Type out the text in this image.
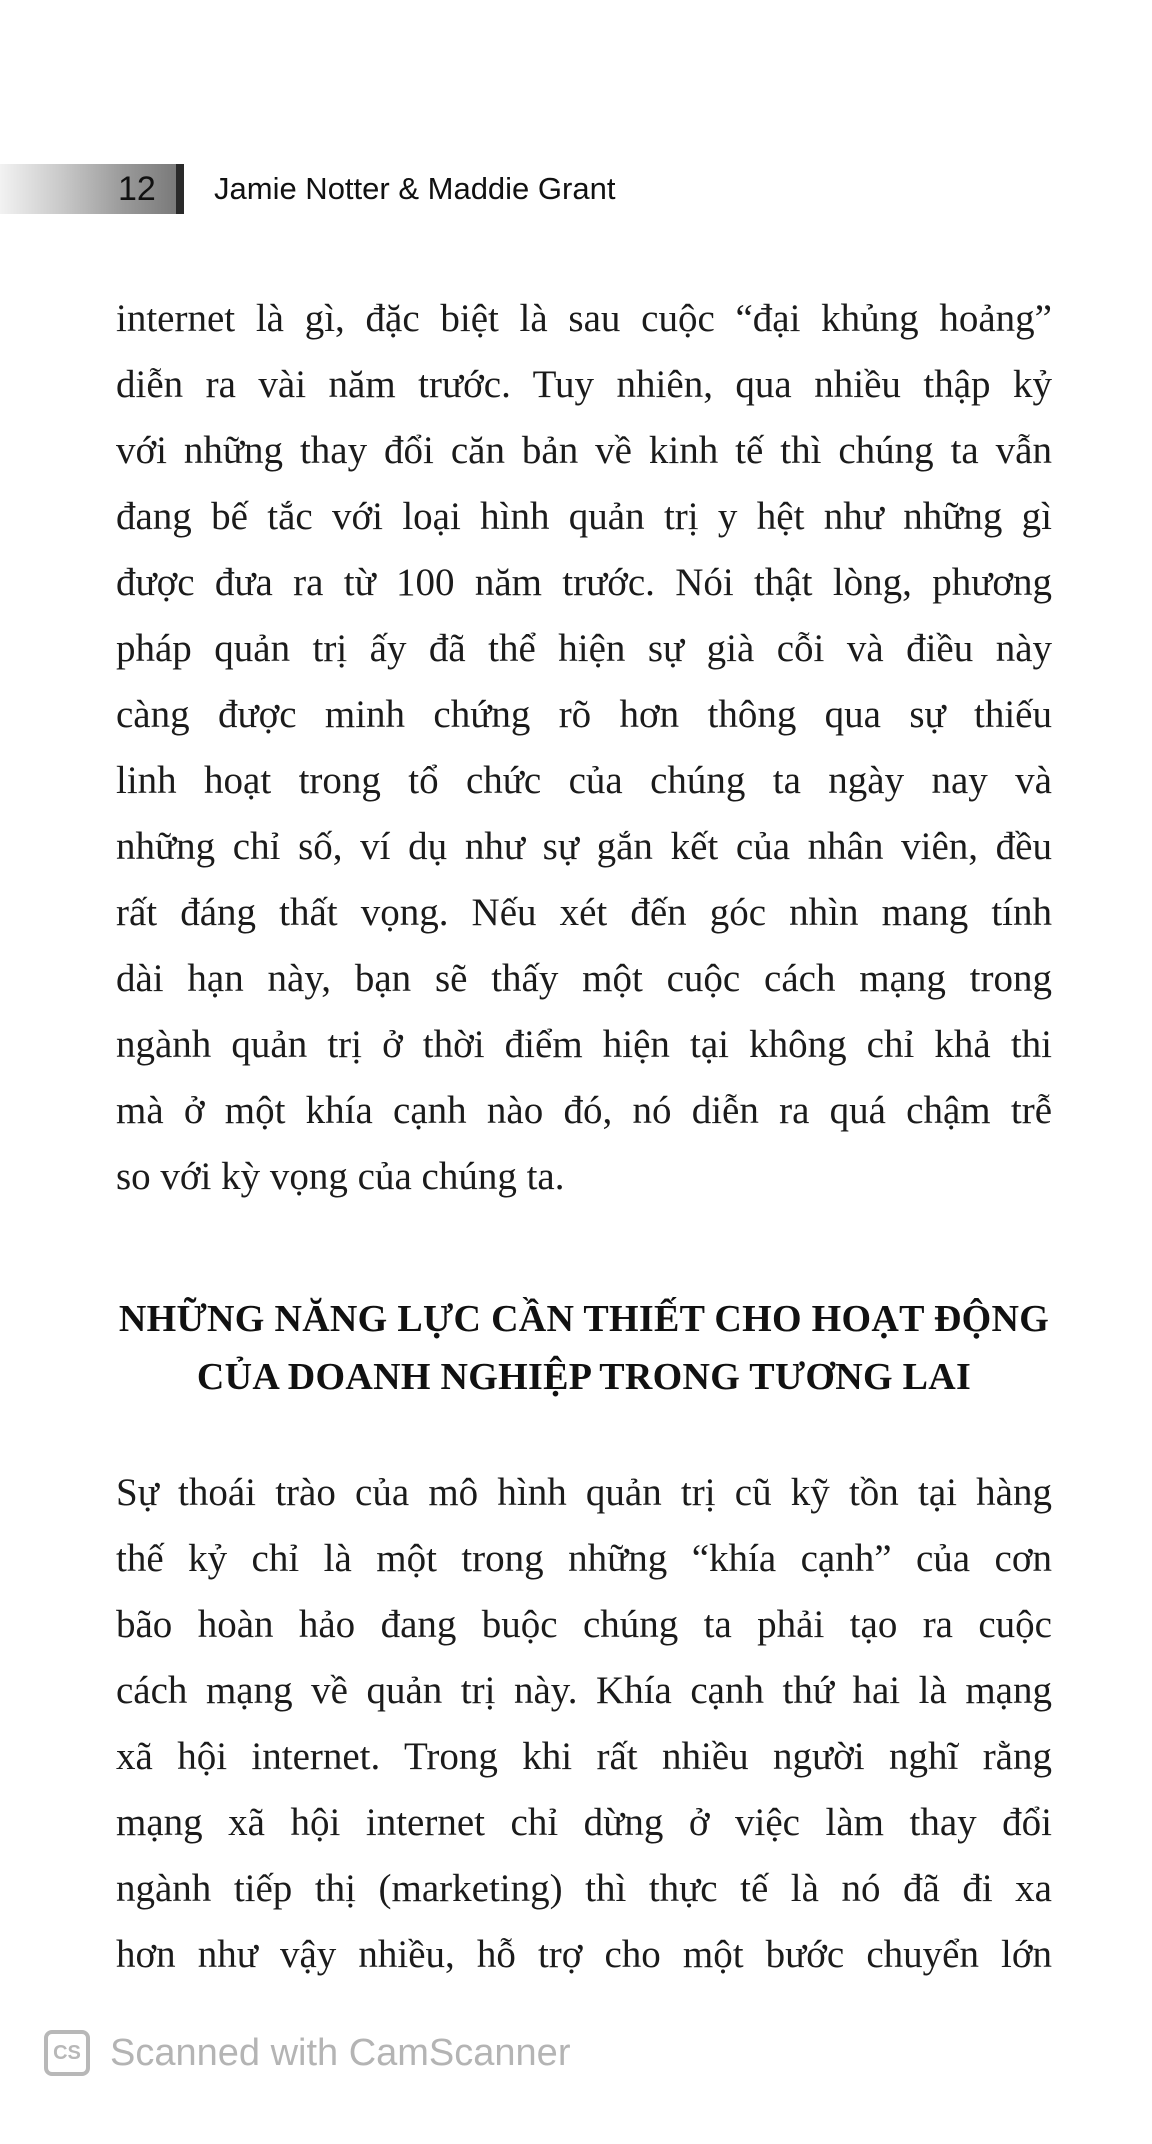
12 Jamie Notter & Maddie Grant
internet là gì, đặc biệt là sau cuộc “đại khủng hoảng”
diễn ra vài năm trước. Tuy nhiên, qua nhiều thập kỷ
với những thay đổi căn bản về kinh tế thì chúng ta vẫn
đang bế tắc với loại hình quản trị y hệt như những gì
được đưa ra từ 100 năm trước. Nói thật lòng, phương
pháp quản trị ấy đã thể hiện sự già cỗi và điều này
càng được minh chứng rõ hơn thông qua sự thiếu
linh hoạt trong tổ chức của chúng ta ngày nay và
những chỉ số, ví dụ như sự gắn kết của nhân viên, đều
rất đáng thất vọng. Nếu xét đến góc nhìn mang tính
dài hạn này, bạn sẽ thấy một cuộc cách mạng trong
ngành quản trị ở thời điểm hiện tại không chỉ khả thi
mà ở một khía cạnh nào đó, nó diễn ra quá chậm trễ
so với kỳ vọng của chúng ta.
NHỮNG NĂNG LỰC CẦN THIẾT CHO HOẠT ĐỘNG
CỦA DOANH NGHIỆP TRONG TƯƠNG LAI
Sự thoái trào của mô hình quản trị cũ kỹ tồn tại hàng
thế kỷ chỉ là một trong những “khía cạnh” của cơn
bão hoàn hảo đang buộc chúng ta phải tạo ra cuộc
cách mạng về quản trị này. Khía cạnh thứ hai là mạng
xã hội internet. Trong khi rất nhiều người nghĩ rằng
mạng xã hội internet chỉ dừng ở việc làm thay đổi
ngành tiếp thị (marketing) thì thực tế là nó đã đi xa
hơn như vậy nhiều, hỗ trợ cho một bước chuyển lớn
CS Scanned with CamScanner
